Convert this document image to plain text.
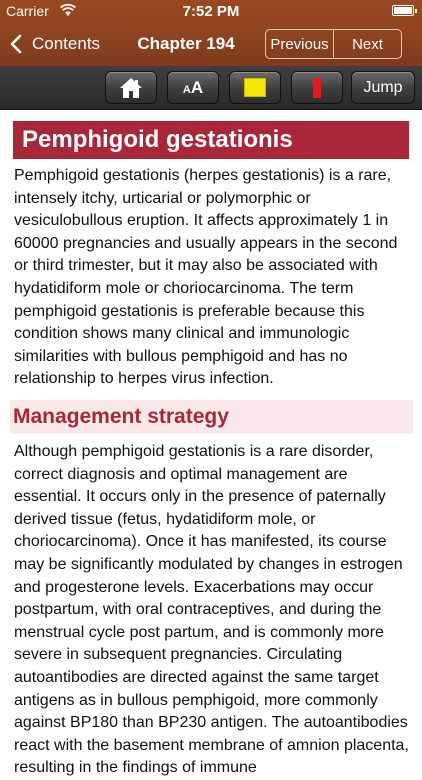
Carrier	7:52 PM
Contents	Chapter 194	Previous	Next
AA	Jump
Pemphigoid gestationis

Pemphigoid gestationis (herpes gestationis) is a rare, intensely itchy, urticarial or polymorphic or vesiculobullous eruption. It affects approximately 1 in 60000 pregnancies and usually appears in the second or third trimester, but it may also be associated with hydatidiform mole or choriocarcinoma. The term pemphigoid gestationis is preferable because this condition shows many clinical and immunologic similarities with bullous pemphigoid and has no relationship to herpes virus infection.

Management strategy

Although pemphigoid gestationis is a rare disorder, correct diagnosis and optimal management are essential. It occurs only in the presence of paternally derived tissue (fetus, hydatidiform mole, or choriocarcinoma). Once it has manifested, its course may be significantly modulated by changes in estrogen and progesterone levels. Exacerbations may occur postpartum, with oral contraceptives, and during the menstrual cycle post partum, and is commonly more severe in subsequent pregnancies. Circulating autoantibodies are directed against the same target antigens as in bullous pemphigoid, more commonly against BP180 than BP230 antigen. The autoantibodies react with the basement membrane of amnion placenta, resulting in the findings of immune
